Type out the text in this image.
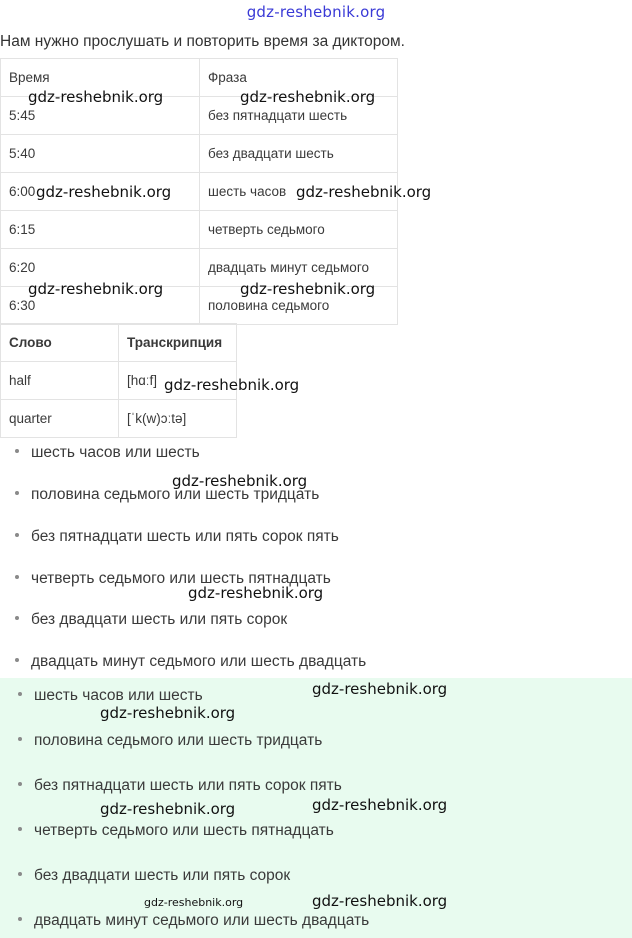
gdz-reshebnik.org
Нам нужно прослушать и повторить время за диктором.
Время	Фраза
5:45	без пятнадцати шесть
5:40	без двадцати шесть
6:00	шесть часов
6:15	четверть седьмого
6:20	двадцать минут седьмого
6:30	половина седьмого
Слово	Транскрипция
half	[hɑːf]
quarter	[ˈk(w)ɔːtə]
шесть часов или шесть
половина седьмого или шесть тридцать
без пятнадцати шесть или пять сорок пять
четверть седьмого или шесть пятнадцать
без двадцати шесть или пять сорок
двадцать минут седьмого или шесть двадцать
шесть часов или шесть
половина седьмого или шесть тридцать
без пятнадцати шесть или пять сорок пять
четверть седьмого или шесть пятнадцать
без двадцати шесть или пять сорок
двадцать минут седьмого или шесть двадцать
gdz-reshebnik.org	gdz-reshebnik.org
gdz-reshebnik.org	gdz-reshebnik.org
gdz-reshebnik.org	gdz-reshebnik.org
gdz-reshebnik.org
gdz-reshebnik.org
gdz-reshebnik.org
gdz-reshebnik.org
gdz-reshebnik.org
gdz-reshebnik.org	gdz-reshebnik.org
gdz-reshebnik.org	gdz-reshebnik.org
